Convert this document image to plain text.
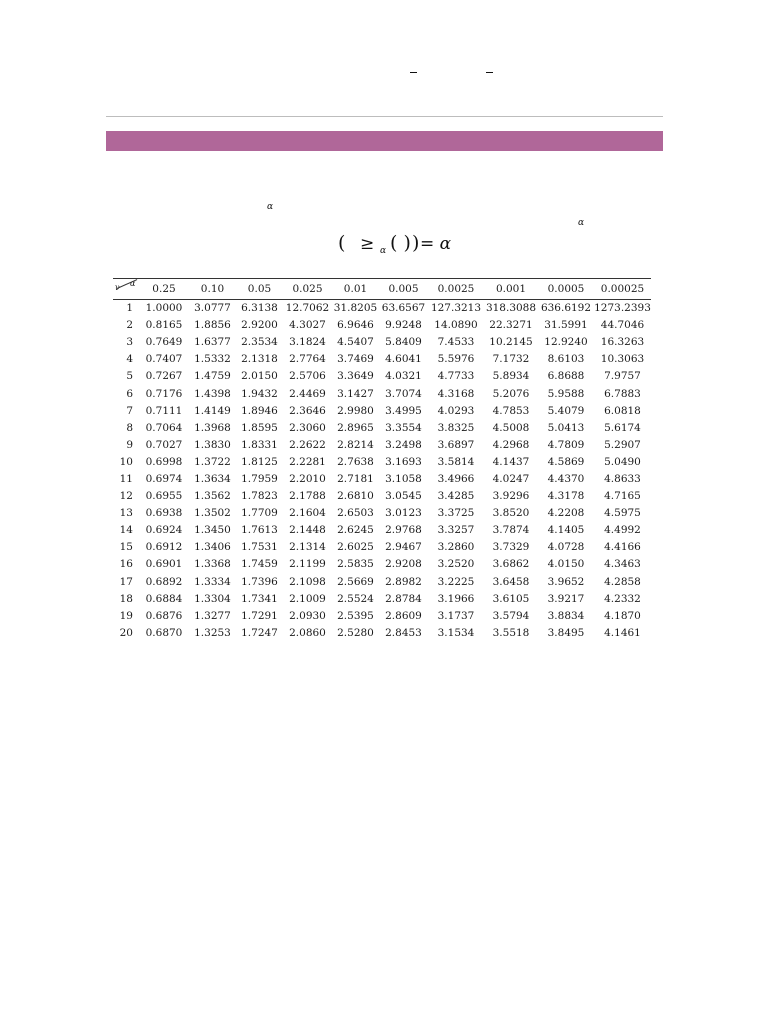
α
α
( ≥ α ( ) ) = α
α	0.25	0.10	0.05	0.025	0.01	0.005	0.0025	0.001	0.0005	0.00025
1	1.0000	3.0777	6.3138	12.7062	31.8205	63.6567	127.3213	318.3088	636.6192	1273.2393
2	0.8165	1.8856	2.9200	4.3027	6.9646	9.9248	14.0890	22.3271	31.5991	44.7046
3	0.7649	1.6377	2.3534	3.1824	4.5407	5.8409	7.4533	10.2145	12.9240	16.3263
4	0.7407	1.5332	2.1318	2.7764	3.7469	4.6041	5.5976	7.1732	8.6103	10.3063
5	0.7267	1.4759	2.0150	2.5706	3.3649	4.0321	4.7733	5.8934	6.8688	7.9757
6	0.7176	1.4398	1.9432	2.4469	3.1427	3.7074	4.3168	5.2076	5.9588	6.7883
7	0.7111	1.4149	1.8946	2.3646	2.9980	3.4995	4.0293	4.7853	5.4079	6.0818
8	0.7064	1.3968	1.8595	2.3060	2.8965	3.3554	3.8325	4.5008	5.0413	5.6174
9	0.7027	1.3830	1.8331	2.2622	2.8214	3.2498	3.6897	4.2968	4.7809	5.2907
10	0.6998	1.3722	1.8125	2.2281	2.7638	3.1693	3.5814	4.1437	4.5869	5.0490
11	0.6974	1.3634	1.7959	2.2010	2.7181	3.1058	3.4966	4.0247	4.4370	4.8633
12	0.6955	1.3562	1.7823	2.1788	2.6810	3.0545	3.4285	3.9296	4.3178	4.7165
13	0.6938	1.3502	1.7709	2.1604	2.6503	3.0123	3.3725	3.8520	4.2208	4.5975
14	0.6924	1.3450	1.7613	2.1448	2.6245	2.9768	3.3257	3.7874	4.1405	4.4992
15	0.6912	1.3406	1.7531	2.1314	2.6025	2.9467	3.2860	3.7329	4.0728	4.4166
16	0.6901	1.3368	1.7459	2.1199	2.5835	2.9208	3.2520	3.6862	4.0150	4.3463
17	0.6892	1.3334	1.7396	2.1098	2.5669	2.8982	3.2225	3.6458	3.9652	4.2858
18	0.6884	1.3304	1.7341	2.1009	2.5524	2.8784	3.1966	3.6105	3.9217	4.2332
19	0.6876	1.3277	1.7291	2.0930	2.5395	2.8609	3.1737	3.5794	3.8834	4.1870
20	0.6870	1.3253	1.7247	2.0860	2.5280	2.8453	3.1534	3.5518	3.8495	4.1461
